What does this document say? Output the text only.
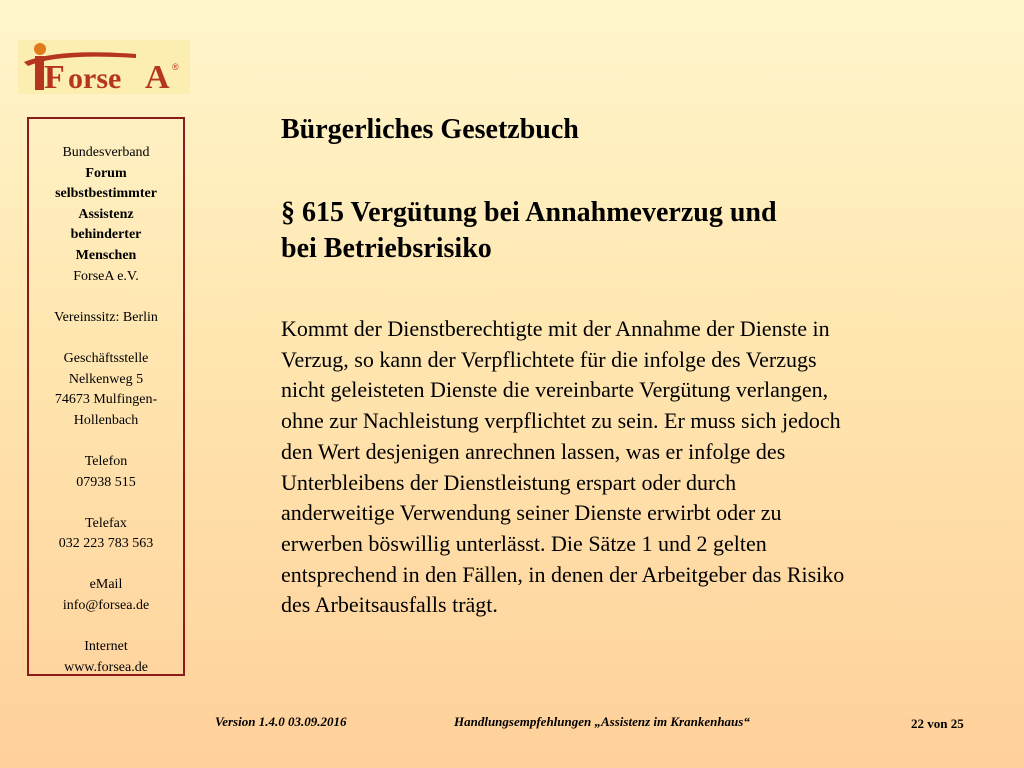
F orse A ®
Bundesverband
Forum
selbstbestimmter
Assistenz
behinderter
Menschen
ForseA e.V.
Vereinssitz: Berlin
Geschäftsstelle
Nelkenweg 5
74673 Mulfingen-
Hollenbach
Telefon
07938 515
Telefax
032 223 783 563
eMail
info@forsea.de
Internet
www.forsea.de
Bürgerliches Gesetzbuch
§ 615 Vergütung bei Annahmeverzug und
bei Betriebsrisiko
Kommt der Dienstberechtigte mit der Annahme der Dienste in
Verzug, so kann der Verpflichtete für die infolge des Verzugs
nicht geleisteten Dienste die vereinbarte Vergütung verlangen,
ohne zur Nachleistung verpflichtet zu sein. Er muss sich jedoch
den Wert desjenigen anrechnen lassen, was er infolge des
Unterbleibens der Dienstleistung erspart oder durch
anderweitige Verwendung seiner Dienste erwirbt oder zu
erwerben böswillig unterlässt. Die Sätze 1 und 2 gelten
entsprechend in den Fällen, in denen der Arbeitgeber das Risiko
des Arbeitsausfalls trägt.
Version 1.4.0 03.09.2016	Handlungsempfehlungen „Assistenz im Krankenhaus“	22 von 25
